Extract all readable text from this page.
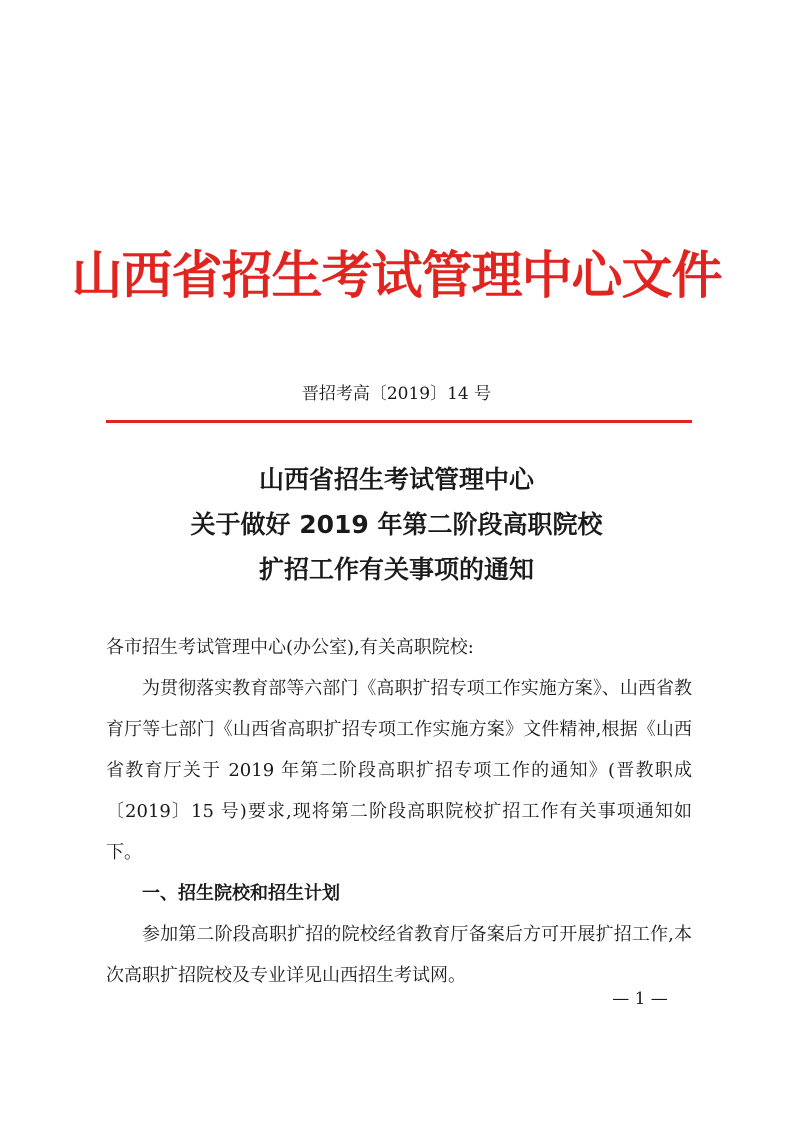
山西省招生考试管理中心文件
晋招考高〔2019〕14 号
山西省招生考试管理中心
关于做好 2019 年第二阶段高职院校
扩招工作有关事项的通知

各市招生考试管理中心(办公室),有关高职院校:

为贯彻落实教育部等六部门《高职扩招专项工作实施方案》、山西省教育厅等七部门《山西省高职扩招专项工作实施方案》文件精神,根据《山西省教育厅关于 2019 年第二阶段高职扩招专项工作的通知》(晋教职成〔2019〕15 号)要求,现将第二阶段高职院校扩招工作有关事项通知如下。

一、招生院校和招生计划

参加第二阶段高职扩招的院校经省教育厅备案后方可开展扩招工作,本次高职扩招院校及专业详见山西招生考试网。

— 1 —
